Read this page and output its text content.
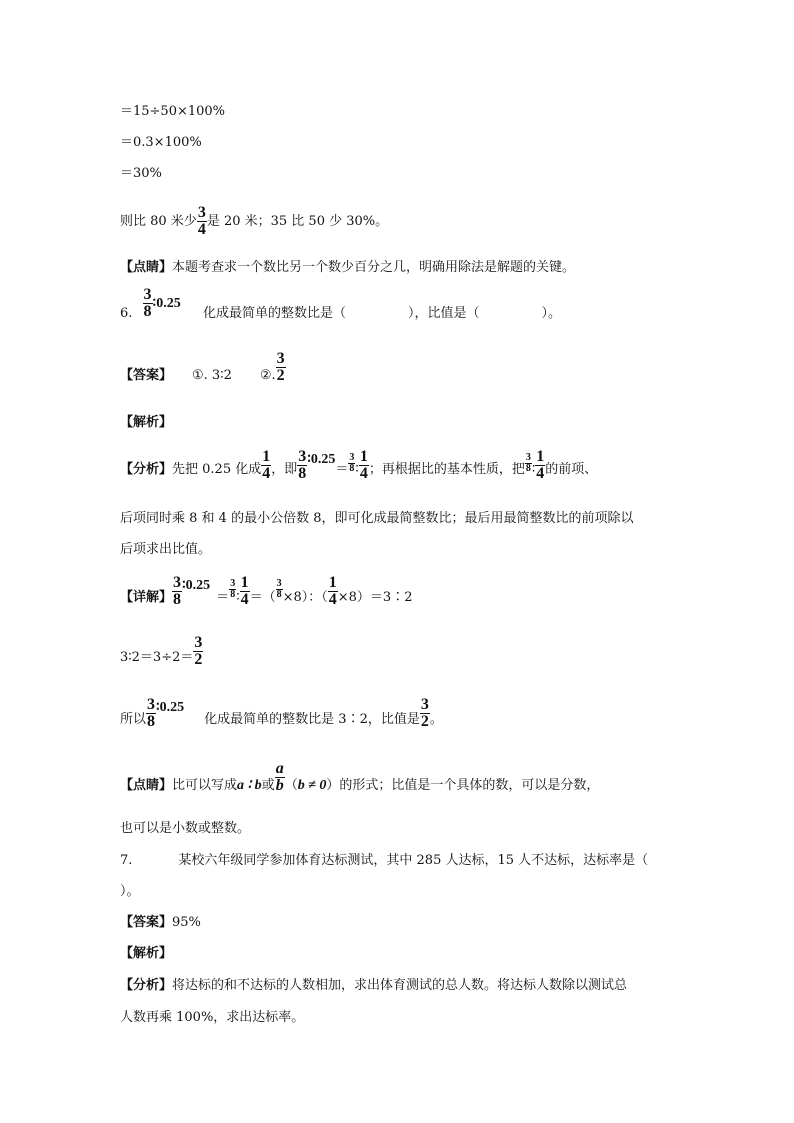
＝15÷50×100%
＝0.3×100%
＝30%
则比 80 米少 $\frac{3}{4}$ 是 20 米；35 比 50 少 30%。
【点睛】本题考查求一个数比另一个数少百分之几，明确用除法是解题的关键。
6. $\frac{3}{8}$ ∶0.25  化成最简单的整数比是（	），比值是（	）。
【答案】 ①. 3∶2 ②. $\frac{3}{2}$
【解析】
【分析】先把 0.25 化成 $\frac{1}{4}$ ，即 $\frac{3}{8}$ ∶0.25＝ $\frac{3}{8}$ ∶ $\frac{1}{4}$ ；再根据比的基本性质，把 $\frac{3}{8}$ ∶ $\frac{1}{4}$ 的前项、
后项同时乘 8 和 4 的最小公倍数 8，即可化成最简整数比；最后用最简整数比的前项除以
后项求出比值。
【详解】 $\frac{3}{8}$ ∶0.25＝ $\frac{3}{8}$ ∶ $\frac{1}{4}$ ＝（ $\frac{3}{8} \times 8$）：（ $\frac{1}{4}$ ×8）＝3∶2
3∶2＝3÷2＝ $\frac{3}{2}$
所以 $\frac{3}{8}$ ∶0.25化成最简单的整数比是 3∶2，比值是 $\frac{3}{2}$ 。
【点睛】比可以写成a ∶ b或 $\frac{a}{b} (b \ne 0)$的形式；比值是一个具体的数，可以是分数，
也可以是小数或整数。
7.	某校六年级同学参加体育达标测试，其中 285 人达标，15 人不达标，达标率是（
）。
【答案】95%
【解析】
【分析】将达标的和不达标的人数相加，求出体育测试的总人数。将达标人数除以测试总
人数再乘 100%，求出达标率。
